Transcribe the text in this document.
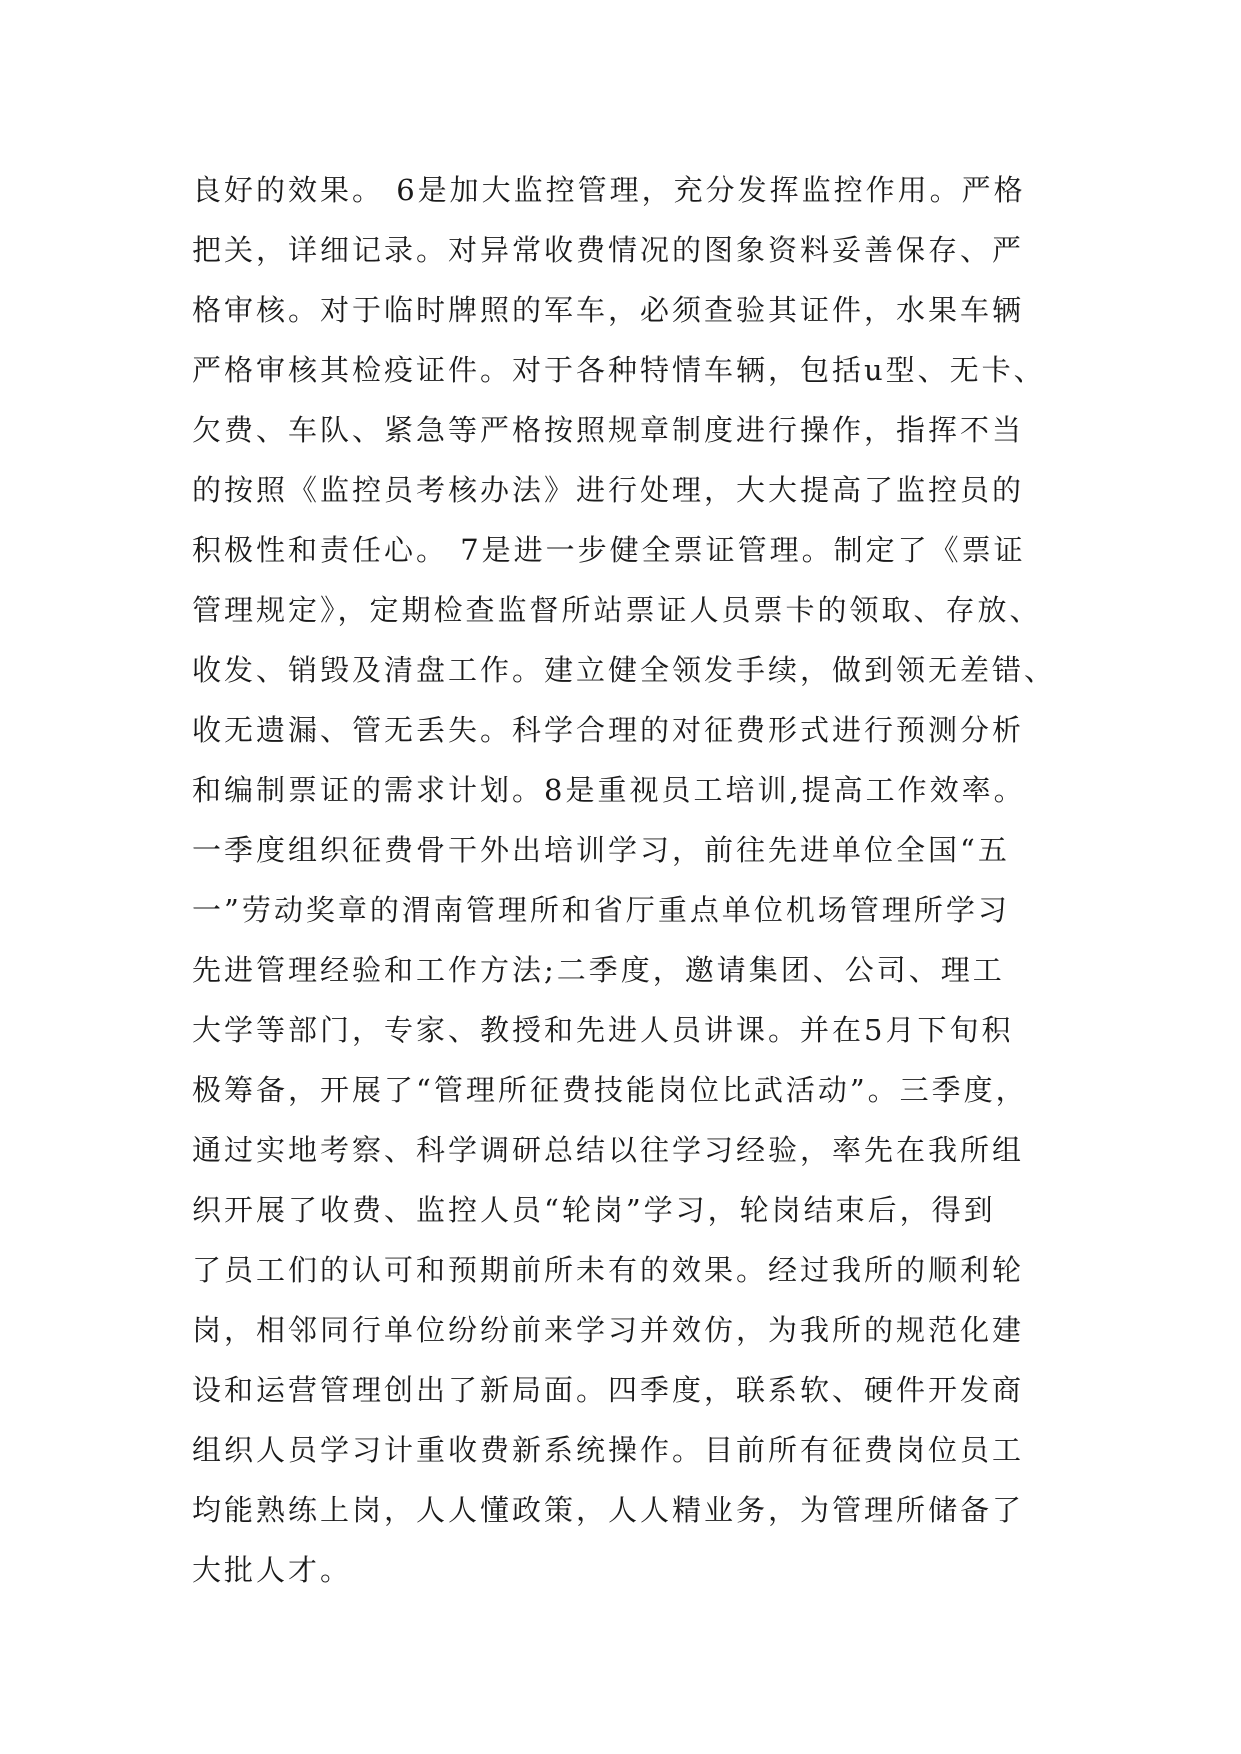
良好的效果。 6是加大监控管理，充分发挥监控作用。严格
把关，详细记录。对异常收费情况的图象资料妥善保存、严
格审核。对于临时牌照的军车，必须查验其证件，水果车辆
严格审核其检疫证件。对于各种特情车辆，包括u型、无卡、
欠费、车队、紧急等严格按照规章制度进行操作，指挥不当
的按照《监控员考核办法》进行处理，大大提高了监控员的
积极性和责任心。 7是进一步健全票证管理。制定了《票证
管理规定》，定期检查监督所站票证人员票卡的领取、存放、
收发、销毁及清盘工作。建立健全领发手续，做到领无差错、
收无遗漏、管无丢失。科学合理的对征费形式进行预测分析
和编制票证的需求计划。8是重视员工培训,提高工作效率。
一季度组织征费骨干外出培训学习，前往先进单位全国“五
一”劳动奖章的渭南管理所和省厅重点单位机场管理所学习
先进管理经验和工作方法;二季度，邀请集团、公司、理工
大学等部门，专家、教授和先进人员讲课。并在5月下旬积
极筹备，开展了“管理所征费技能岗位比武活动”。三季度，
通过实地考察、科学调研总结以往学习经验，率先在我所组
织开展了收费、监控人员“轮岗”学习，轮岗结束后，得到
了员工们的认可和预期前所未有的效果。经过我所的顺利轮
岗，相邻同行单位纷纷前来学习并效仿，为我所的规范化建
设和运营管理创出了新局面。四季度，联系软、硬件开发商
组织人员学习计重收费新系统操作。目前所有征费岗位员工
均能熟练上岗，人人懂政策，人人精业务，为管理所储备了
大批人才。
